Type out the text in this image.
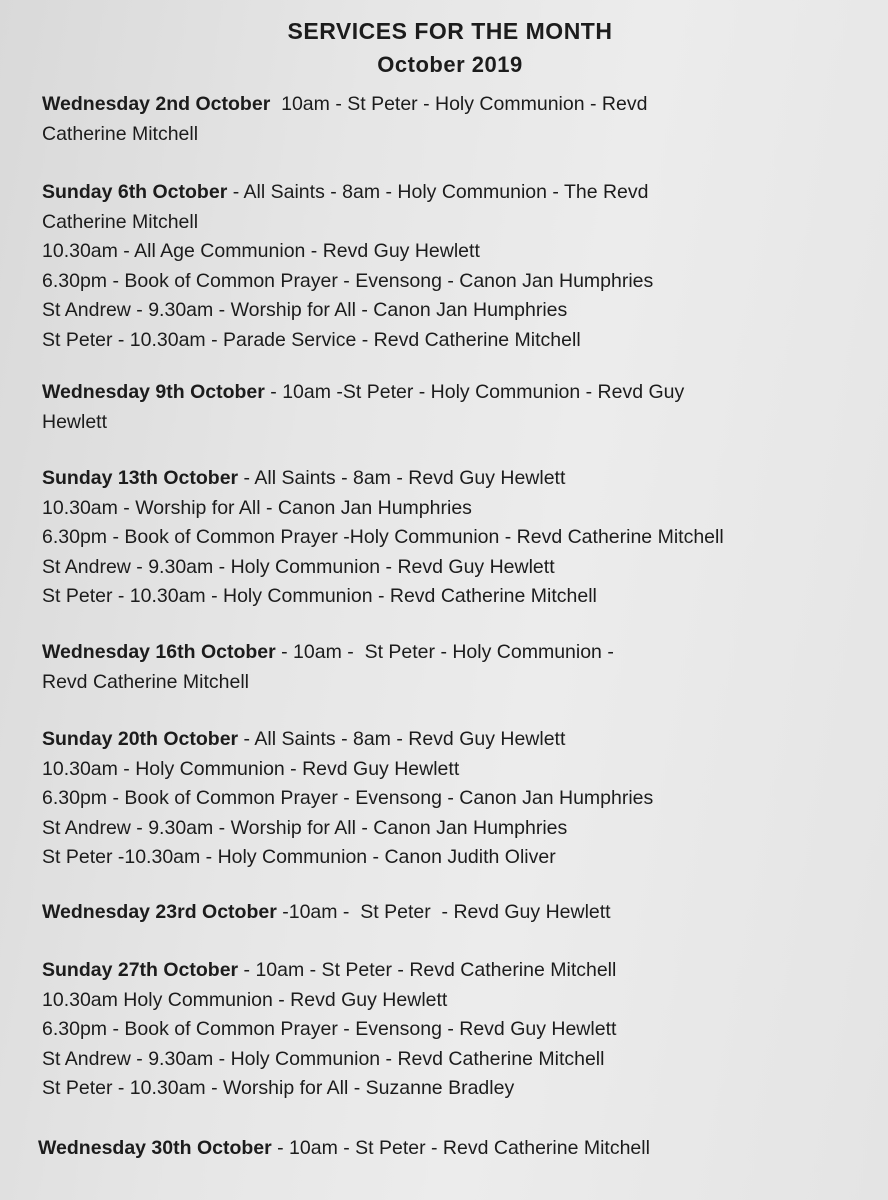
SERVICES FOR THE MONTH
October 2019
Wednesday 2nd October  10am - St Peter - Holy Communion - Revd
Catherine Mitchell
Sunday 6th October - All Saints - 8am - Holy Communion - The Revd
Catherine Mitchell
10.30am - All Age Communion - Revd Guy Hewlett
6.30pm - Book of Common Prayer - Evensong - Canon Jan Humphries
St Andrew - 9.30am - Worship for All - Canon Jan Humphries
St Peter - 10.30am - Parade Service - Revd Catherine Mitchell
Wednesday 9th October - 10am -St Peter - Holy Communion - Revd Guy
Hewlett
Sunday 13th October - All Saints - 8am - Revd Guy Hewlett
10.30am - Worship for All - Canon Jan Humphries
6.30pm - Book of Common Prayer -Holy Communion - Revd Catherine Mitchell
St Andrew - 9.30am - Holy Communion - Revd Guy Hewlett
St Peter - 10.30am - Holy Communion - Revd Catherine Mitchell
Wednesday 16th October - 10am -  St Peter - Holy Communion -
Revd Catherine Mitchell
Sunday 20th October - All Saints - 8am - Revd Guy Hewlett
10.30am - Holy Communion - Revd Guy Hewlett
6.30pm - Book of Common Prayer - Evensong - Canon Jan Humphries
St Andrew - 9.30am - Worship for All - Canon Jan Humphries
St Peter -10.30am - Holy Communion - Canon Judith Oliver
Wednesday 23rd October -10am -  St Peter  - Revd Guy Hewlett
Sunday 27th October - 10am - St Peter - Revd Catherine Mitchell
10.30am Holy Communion - Revd Guy Hewlett
6.30pm - Book of Common Prayer - Evensong - Revd Guy Hewlett
St Andrew - 9.30am - Holy Communion - Revd Catherine Mitchell
St Peter - 10.30am - Worship for All - Suzanne Bradley
Wednesday 30th October - 10am - St Peter - Revd Catherine Mitchell
